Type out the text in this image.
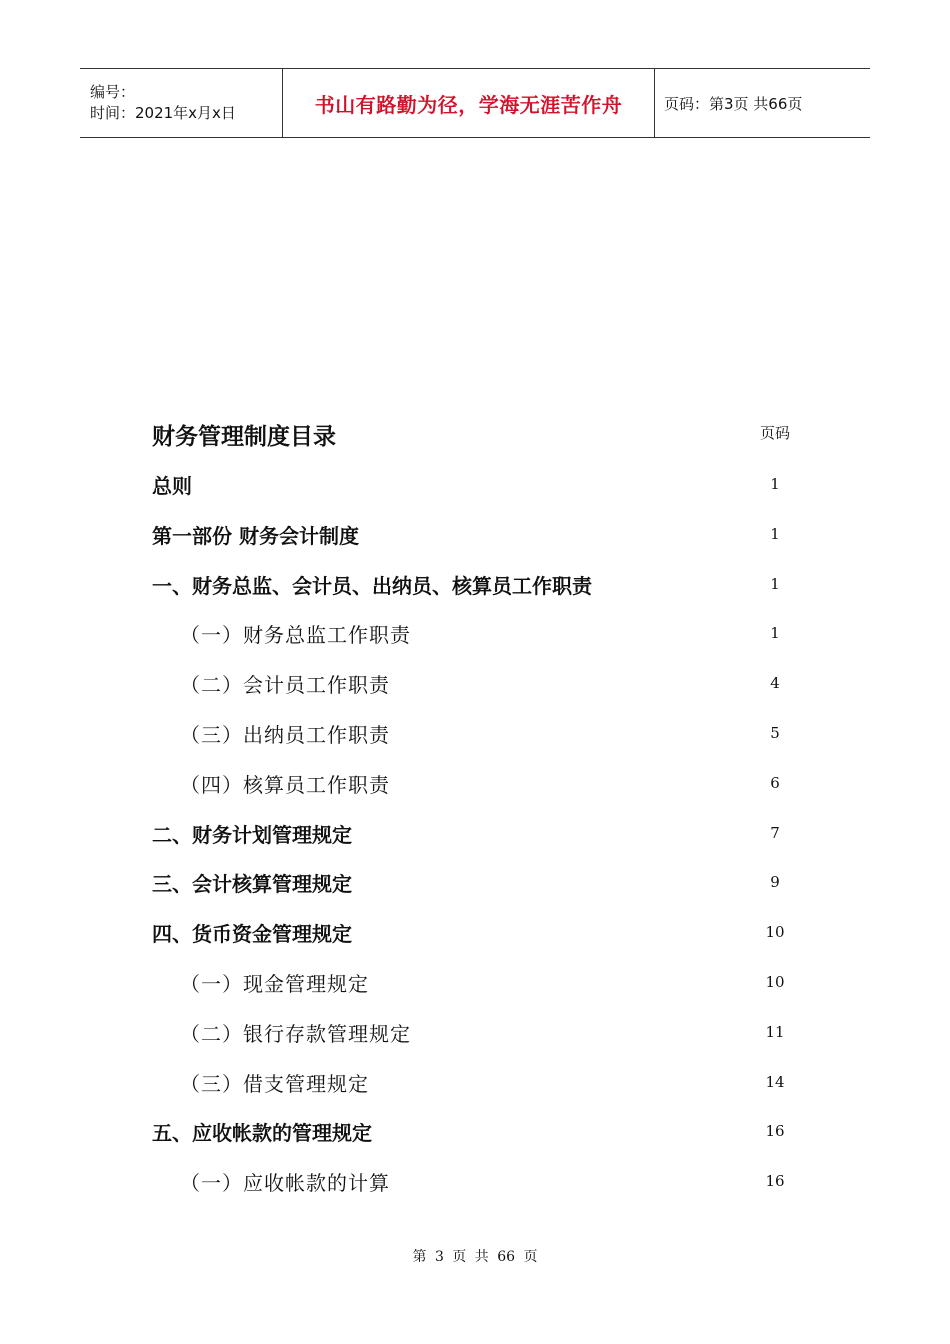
编号：
时间：2021年x月x日	书山有路勤为径，学海无涯苦作舟	页码：第3页 共66页
财务管理制度目录	页码
总则	1
第一部份 财务会计制度	1
一、财务总监、会计员、出纳员、核算员工作职责	1
（一）财务总监工作职责	1
（二）会计员工作职责	4
（三）出纳员工作职责	5
（四）核算员工作职责	6
二、财务计划管理规定	7
三、会计核算管理规定	9
四、货币资金管理规定	10
（一）现金管理规定	10
（二）银行存款管理规定	11
（三）借支管理规定	14
五、应收帐款的管理规定	16
（一）应收帐款的计算	16
第 3 页 共 66 页
